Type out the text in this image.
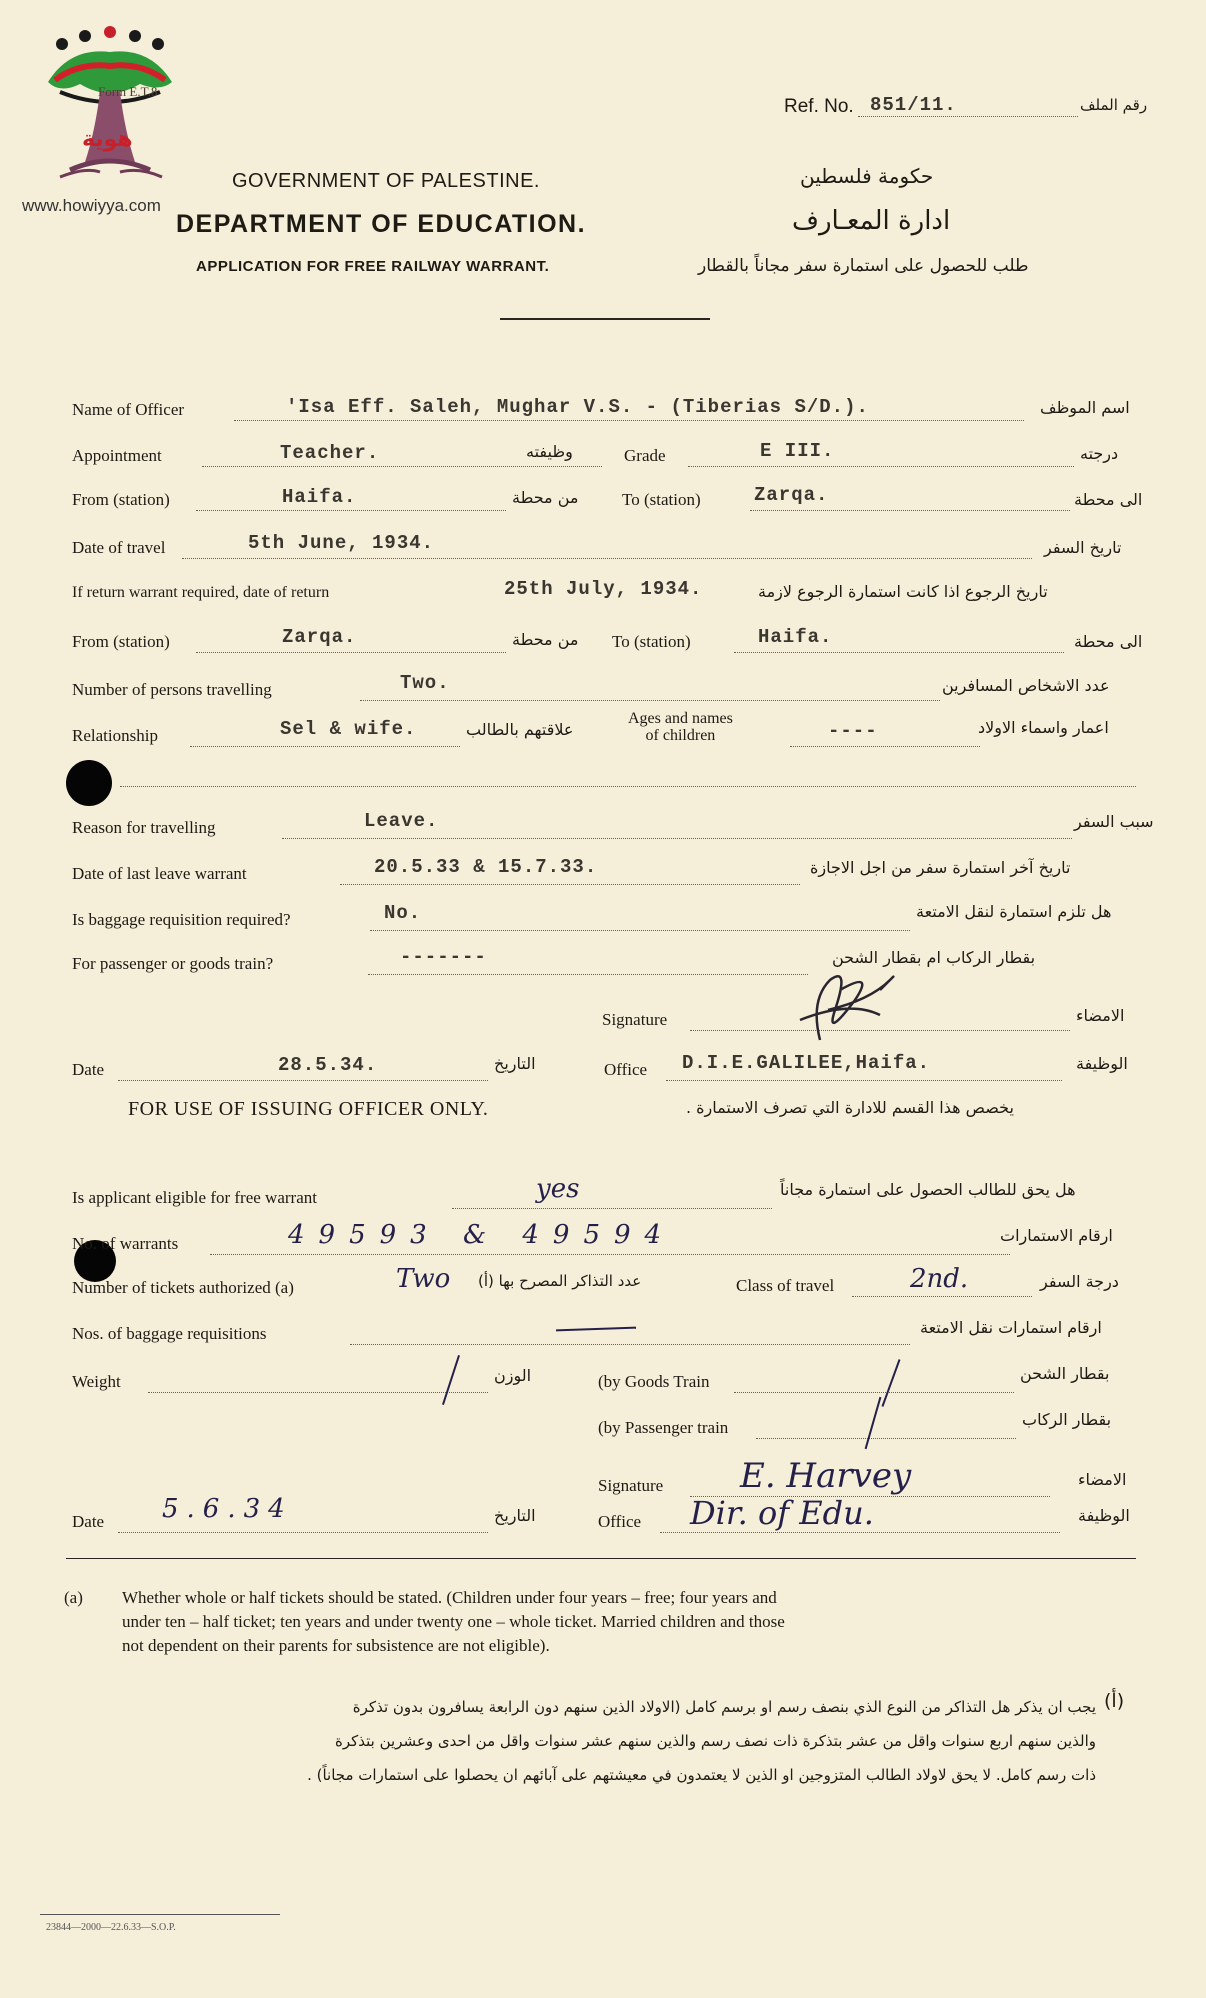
هوية
Form E.T.8
www.howiyya.com
Ref. No. 851/11.	رقم الملف
GOVERNMENT OF PALESTINE.	حكومة فلسطين
DEPARTMENT OF EDUCATION.	ادارة المعـارف
APPLICATION FOR FREE RAILWAY WARRANT.	طلب للحصول على استمارة سفر مجاناً بالقطار
Name of Officer	'Isa Eff. Saleh, Mughar V.S. - (Tiberias S/D.).	اسم الموظف
Appointment	Teacher.	وظيفته	Grade	E III.	درجته
From (station)	Haifa.	من محطة	To (station)	Zarqa.	الى محطة
Date of travel	5th June, 1934.	تاريخ السفر
If return warrant required, date of return	25th July, 1934.	تاريخ الرجوع اذا كانت استمارة الرجوع لازمة
From (station)	Zarqa.	من محطة To (station)	Haifa.	الى محطة
Number of persons travelling	Two.	عدد الاشخاص المسافرين
Relationship	Sel & wife.	علاقتهم بالطالب
Ages and names
of children	----	اعمار واسماء الاولاد
Reason for travelling	Leave.	سبب السفر
Date of last leave warrant	20.5.33 & 15.7.33.	تاريخ آخر استمارة سفر من اجل الاجازة
Is baggage requisition required?	No.	هل تلزم استمارة لنقل الامتعة
For passenger or goods train?	-------	بقطار الركاب ام بقطار الشحن
Signature	الامضاء
Date	28.5.34.	التاريخ	Office D.I.E.GALILEE,Haifa.	الوظيفة
FOR USE OF ISSUING OFFICER ONLY.	يخصص هذا القسم للادارة التي تصرف الاستمارة .
Is applicant eligible for free warrant	yes	هل يحق للطالب الحصول على استمارة مجاناً
No. of warrants	49593 & 49594	ارقام الاستمارات
Number of tickets authorized (a)	Two عدد التذاكر المصرح بها (أ)	Class of travel	2nd.	درجة السفر
Nos. of baggage requisitions	ارقام استمارات نقل الامتعة
Weight	الوزن	(by Goods Train	بقطار الشحن
(by Passenger train	بقطار الركاب
Signature E. Harvey	الامضاء
Date 5.6.34	التاريخ	Office Dir. of Edu.	الوظيفة
(a) Whether whole or half tickets should be stated. (Children under four years – free; four years and
under ten – half ticket; ten years and under twenty one – whole ticket. Married children and those
not dependent on their parents for subsistence are not eligible).
(أ)
يجب ان يذكر هل التذاكر من النوع الذي بنصف رسم او برسم كامل (الاولاد الذين سنهم دون الرابعة يسافرون بدون تذكرة
والذين سنهم اربع سنوات واقل من عشر بتذكرة ذات نصف رسم والذين سنهم عشر سنوات واقل من احدى وعشرين بتذكرة
ذات رسم كامل. لا يحق لاولاد الطالب المتزوجين او الذين لا يعتمدون في معيشتهم على آبائهم ان يحصلوا على استمارات مجاناً) .
23844—2000—22.6.33—S.O.P.
